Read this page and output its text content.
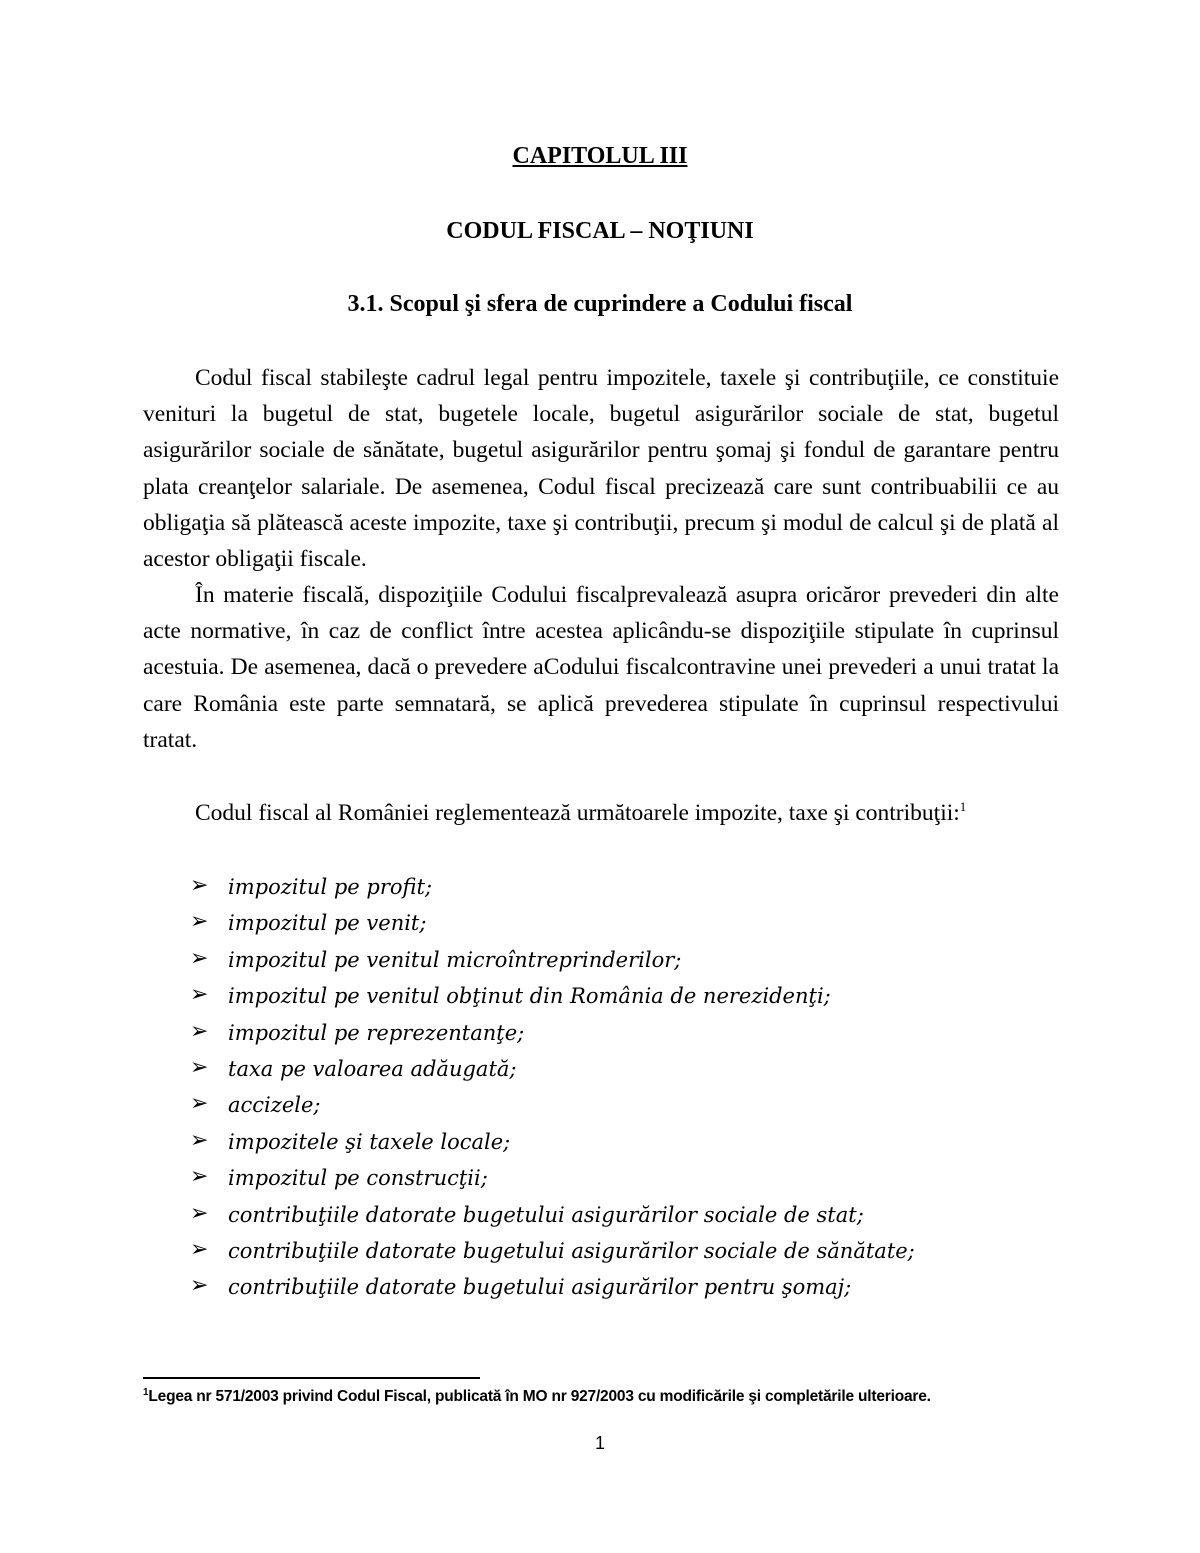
CAPITOLUL III
CODUL FISCAL – NOŢIUNI
3.1. Scopul şi sfera de cuprindere a Codului fiscal

Codul fiscal stabileşte cadrul legal pentru impozitele, taxele şi contribuţiile, ce constituie venituri la bugetul de stat, bugetele locale, bugetul asigurărilor sociale de stat, bugetul asigurărilor sociale de sănătate, bugetul asigurărilor pentru şomaj şi fondul de garantare pentru plata creanţelor salariale. De asemenea, Codul fiscal precizează care sunt contribuabilii ce au obligaţia să plătească aceste impozite, taxe şi contribuţii, precum şi modul de calcul şi de plată al acestor obligaţii fiscale.

În materie fiscală, dispoziţiile Codului fiscalprevalează asupra oricăror prevederi din alte acte normative, în caz de conflict între acestea aplicându-se dispoziţiile stipulate în cuprinsul acestuia. De asemenea, dacă o prevedere aCodului fiscalcontravine unei prevederi a unui tratat la care România este parte semnatară, se aplică prevederea stipulate în cuprinsul respectivului tratat.

Codul fiscal al României reglementează următoarele impozite, taxe şi contribuţii:$^1$

➢ impozitul pe profit;
➢ impozitul pe venit;
➢ impozitul pe venitul microîntreprinderilor;
➢ impozitul pe venitul obţinut din România de nerezidenţi;
➢ impozitul pe reprezentanţe;
➢ taxa pe valoarea adăugată;
➢ accizele;
➢ impozitele şi taxele locale;
➢ impozitul pe construcţii;
➢ contribuţiile datorate bugetului asigurărilor sociale de stat;
➢ contribuţiile datorate bugetului asigurărilor sociale de sănătate;
➢ contribuţiile datorate bugetului asigurărilor pentru şomaj;
$^1$Legea nr 571/2003 privind Codul Fiscal, publicată în MO nr 927/2003 cu modificările şi completările ulterioare.
1
